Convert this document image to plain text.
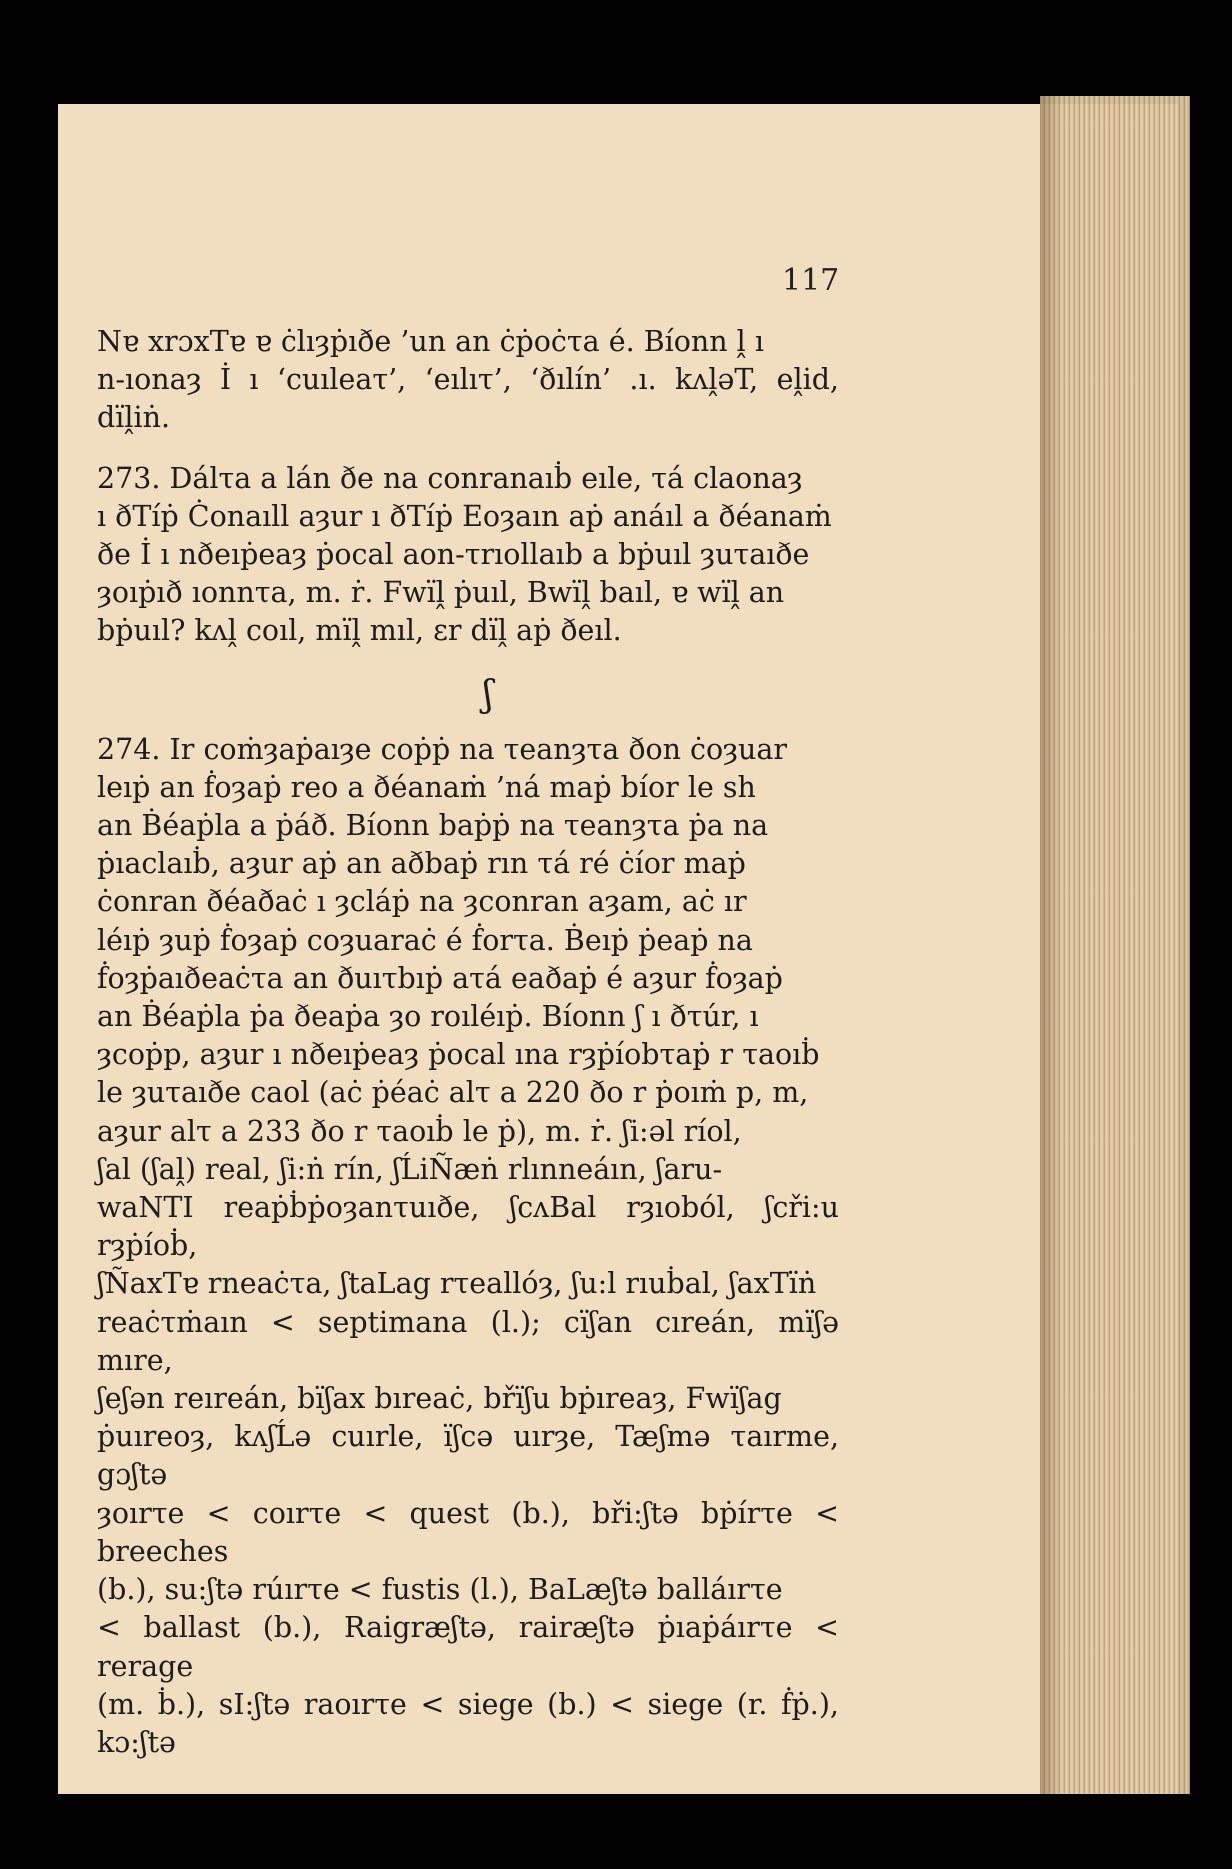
117

Nɐ xrɔxTɐ ɐ ċlıȝṗıðe ’un an ċṗoċτa é. Bíonn ḽ ı

n-ıonaȝ İ ı ‘cuıleaτ’, ‘eılıτ’, ‘ðılín’ .ı. kʌḽəT, eḽid, dïḽiṅ.

273. Dálτa a lán ðe na conranaıḃ eıle, τá claonaȝ

ı ðTíṗ Ċonaıll aȝur ı ðTíṗ Eoȝaın aṗ anáıl a ðéanaṁ

ðe İ ı nðeıṗeaȝ ṗocal aon-τrıollaıb a bṗuıl ȝuτaıðe

ȝoıṗıð ıonnτa, m. ṙ. Fwïḽ ṗuıl, Bwïḽ baıl, ɐ wïḽ an

bṗuıl? kʌḽ coıl, mïḽ mıl, ɛr dïḽ aṗ ðeıl.

ʃ

274. Ir coṁȝaṗaıȝe coṗṗ na τeanȝτa ðon ċoȝuar

leıṗ an ḟoȝaṗ reo a ðéanaṁ ’ná maṗ bíor le sh

an Ḃéaṗla a ṗáð. Bíonn baṗṗ na τeanȝτa ṗa na

ṗıaclaıḃ, aȝur aṗ an aðbaṗ rın τá ré ċíor maṗ

ċonran ðéaðaċ ı ȝcláṗ na ȝconran aȝam, aċ ır

léıṗ ȝuṗ ḟoȝaṗ coȝuaraċ é ḟorτa. Ḃeıṗ ṗeaṗ na

ḟoȝṗaıðeaċτa an ðuıτbıṗ aτá eaðaṗ é aȝur ḟoȝaṗ

an Ḃéaṗla ṗa ðeaṗa ȝo roıléıṗ. Bíonn ʃ ı ðτúr, ı

ȝcoṗp, aȝur ı nðeıṗeaȝ ṗocal ına rȝṗíobτaṗ r τaoıḃ

le ȝuτaıðe caol (aċ ṗéaċ alτ a 220 ðo r ṗoıṁ p, m,

aȝur alτ a 233 ðo r τaoıḃ le ṗ), m. ṙ. ʃi:əl ríol,

ʃal (ʃaḽ) real, ʃi:ṅ rín, ʃĹiÑæṅ rlınneáın, ʃaru-

waNTI reaṗḃṗoȝanτuıðe, ʃcʌBal rȝıoból, ʃcři:u rȝṗíoḃ,

ʃÑaxTɐ rneaċτa, ʃtaLag rτeallóȝ, ʃu:l rıuḃal, ʃaxTïṅ

reaċτṁaın < septimana (l.); cïʃan cıreán, mïʃə mıre,

ʃeʃən reıreán, bïʃax bıreaċ, břïʃu bṗıreaȝ, Fwïʃag

ṗuıreoȝ, kʌʃĹə cuırle, ïʃcə uırȝe, Tæʃmə τaırme, gɔʃtə

ȝoırτe < coırτe < quest (b.), bři:ʃtə bṗírτe < breeches

(b.), su:ʃtə rúırτe < fustis (l.), BaLæʃtə balláırτe

< ballast (b.), Raigræʃtə, rairæʃtə ṗıaṗáırτe < rerage

(m. ḃ.), sI:ʃtə raoırτe < siege (b.) < siege (r. ḟṗ.), kɔ:ʃtə
